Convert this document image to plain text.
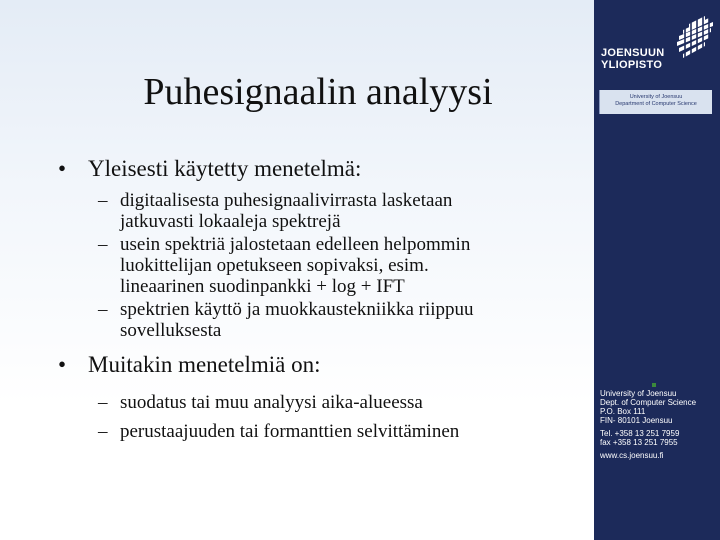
Puhesignaalin analyysi

• Yleisesti käytetty menetelmä:

– digitaalisesta puhesignaalivirrasta lasketaan
jatkuvasti lokaaleja spektrejä
– usein spektriä jalostetaan edelleen helpommin
luokittelijan opetukseen sopivaksi, esim.
lineaarinen suodinpankki + log + IFT
– spektrien käyttö ja muokkaustekniikka riippuu
sovelluksesta

• Muitakin menetelmiä on:

– suodatus tai muu analyysi aika-alueessa
– perustaajuuden tai formanttien selvittäminen
JOENSUUN
YLIOPISTO
University of Joensuu
Department of Computer Science
University of Joensuu
Dept. of Computer Science
P.O. Box 111
FIN- 80101 Joensuu
Tel. +358 13 251 7959
fax +358 13 251 7955
www.cs.joensuu.fi
